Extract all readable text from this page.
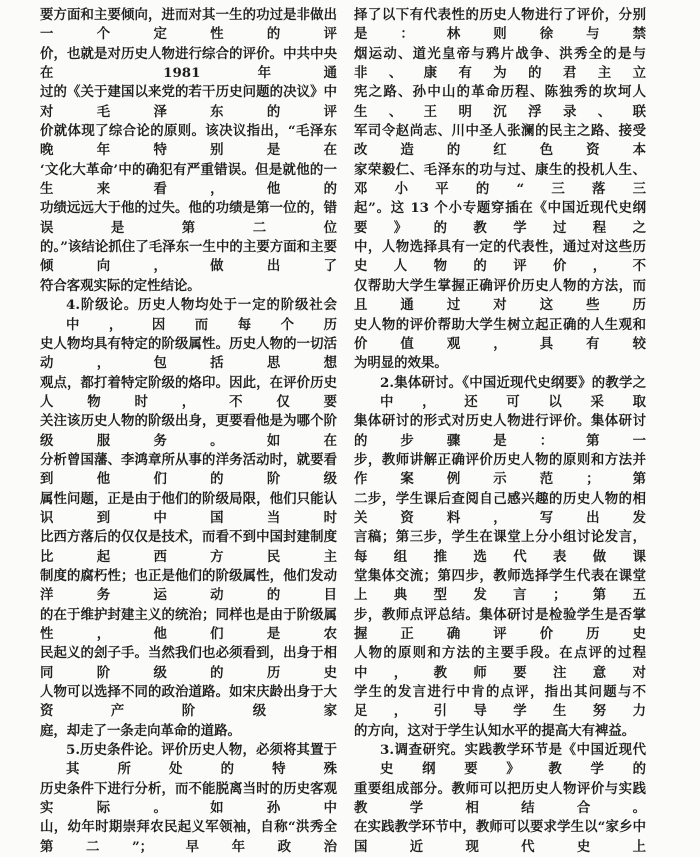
要方面和主要倾向，进而对其一生的功过是非做出一个定性的评
价，也就是对历史人物进行综合的评价。中共中央在 1981 年通
过的《关于建国以来党的若干历史问题的决议》中对毛泽东的评
价就体现了综合论的原则。该决议指出，“毛泽东晚年特别是在
‘文化大革命’中的确犯有严重错误。但是就他的一生来看，他的
功绩远远大于他的过失。他的功绩是第一位的，错误是第二位
的。”该结论抓住了毛泽东一生中的主要方面和主要倾向，做出了
符合客观实际的定性结论。
4.阶级论。历史人物均处于一定的阶级社会中，因而每个历
史人物均具有特定的阶级属性。历史人物的一切活动，包括思想
观点，都打着特定阶级的烙印。因此，在评价历史人物时，不仅要
关注该历史人物的阶级出身，更要看他是为哪个阶级服务。如在
分析曾国藩、李鸿章所从事的洋务活动时，就要看到他们的阶级
属性问题，正是由于他们的阶级局限，他们只能认识到中国当时
比西方落后的仅仅是技术，而看不到中国封建制度比起西方民主
制度的腐朽性；也正是他们的阶级属性，他们发动洋务运动的目
的在于维护封建主义的统治；同样也是由于阶级属性，他们是农
民起义的刽子手。当然我们也必须看到，出身于相同阶级的历史
人物可以选择不同的政治道路。如宋庆龄出身于大资产阶级家
庭，却走了一条走向革命的道路。
5.历史条件论。评价历史人物，必须将其置于其所处的特殊
历史条件下进行分析，而不能脱离当时的历史客观实际。如孙中
山，幼年时期崇拜农民起义军领袖，自称“洪秀全第二”；早年政治
择了以下有代表性的历史人物进行了评价，分别是：林则徐与禁
烟运动、道光皇帝与鸦片战争、洪秀全的是与非、康有为的君主立
宪之路、孙中山的革命历程、陈独秀的坎坷人生、王明沉浮录、联
军司令赵尚志、川中圣人张澜的民主之路、接受改造的红色资本
家荣毅仁、毛泽东的功与过、康生的投机人生、邓小平的“三落三
起”。这 13 个小专题穿插在《中国近现代史纲要》的教学过程之
中，人物选择具有一定的代表性，通过对这些历史人物的评价，不
仅帮助大学生掌握正确评价历史人物的方法，而且通过对这些历
史人物的评价帮助大学生树立起正确的人生观和价值观，具有较
为明显的效果。
2.集体研讨。《中国近现代史纲要》的教学之中，还可以采取
集体研讨的形式对历史人物进行评价。集体研讨的步骤是：第一
步，教师讲解正确评价历史人物的原则和方法并作案例示范；第
二步，学生课后查阅自己感兴趣的历史人物的相关资料，写出发
言稿；第三步，学生在课堂上分小组讨论发言，每组推选代表做课
堂集体交流；第四步，教师选择学生代表在课堂上典型发言；第五
步，教师点评总结。集体研讨是检验学生是否掌握正确评价历史
人物的原则和方法的主要手段。在点评的过程中，教师要注意对
学生的发言进行中肯的点评，指出其问题与不足，引导学生努力
的方向，这对于学生认知水平的提高大有裨益。
3.调查研究。实践教学环节是《中国近现代史纲要》教学的
重要组成部分。教师可以把历史人物评价与实践教学相结合。
在实践教学环节中，教师可以要求学生以“家乡中国近现代史上
